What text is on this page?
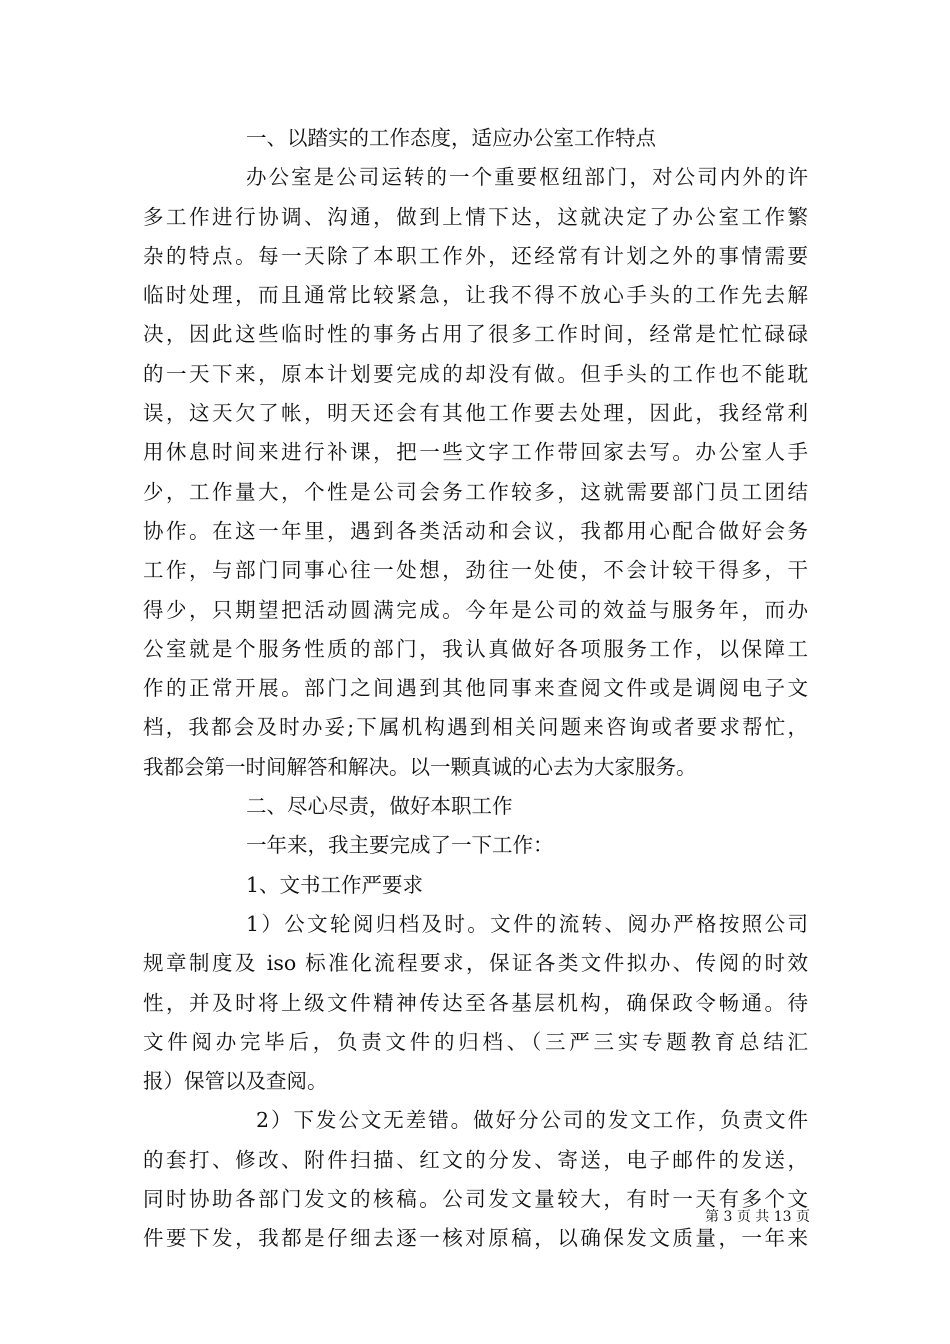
一、以踏实的工作态度，适应办公室工作特点
办公室是公司运转的一个重要枢纽部门，对公司内外的许
多工作进行协调、沟通，做到上情下达，这就决定了办公室工作繁
杂的特点。每一天除了本职工作外，还经常有计划之外的事情需要
临时处理，而且通常比较紧急，让我不得不放心手头的工作先去解
决，因此这些临时性的事务占用了很多工作时间，经常是忙忙碌碌
的一天下来，原本计划要完成的却没有做。但手头的工作也不能耽
误，这天欠了帐，明天还会有其他工作要去处理，因此，我经常利
用休息时间来进行补课，把一些文字工作带回家去写。办公室人手
少，工作量大，个性是公司会务工作较多，这就需要部门员工团结
协作。在这一年里，遇到各类活动和会议，我都用心配合做好会务
工作，与部门同事心往一处想，劲往一处使，不会计较干得多，干
得少，只期望把活动圆满完成。今年是公司的效益与服务年，而办
公室就是个服务性质的部门，我认真做好各项服务工作，以保障工
作的正常开展。部门之间遇到其他同事来查阅文件或是调阅电子文
档，我都会及时办妥;下属机构遇到相关问题来咨询或者要求帮忙，
我都会第一时间解答和解决。以一颗真诚的心去为大家服务。
二、尽心尽责，做好本职工作
一年来，我主要完成了一下工作：
1、文书工作严要求
1）公文轮阅归档及时。文件的流转、阅办严格按照公司
规章制度及 iso 标准化流程要求，保证各类文件拟办、传阅的时效
性，并及时将上级文件精神传达至各基层机构，确保政令畅通。待
文件阅办完毕后，负责文件的归档、（三严三实专题教育总结汇
报）保管以及查阅。
2）下发公文无差错。做好分公司的发文工作，负责文件
的套打、修改、附件扫描、红文的分发、寄送，电子邮件的发送，
同时协助各部门发文的核稿。公司发文量较大，有时一天有多个文
件要下发，我都是仔细去逐一核对原稿，以确保发文质量，一年来
第 3 页 共 13 页
